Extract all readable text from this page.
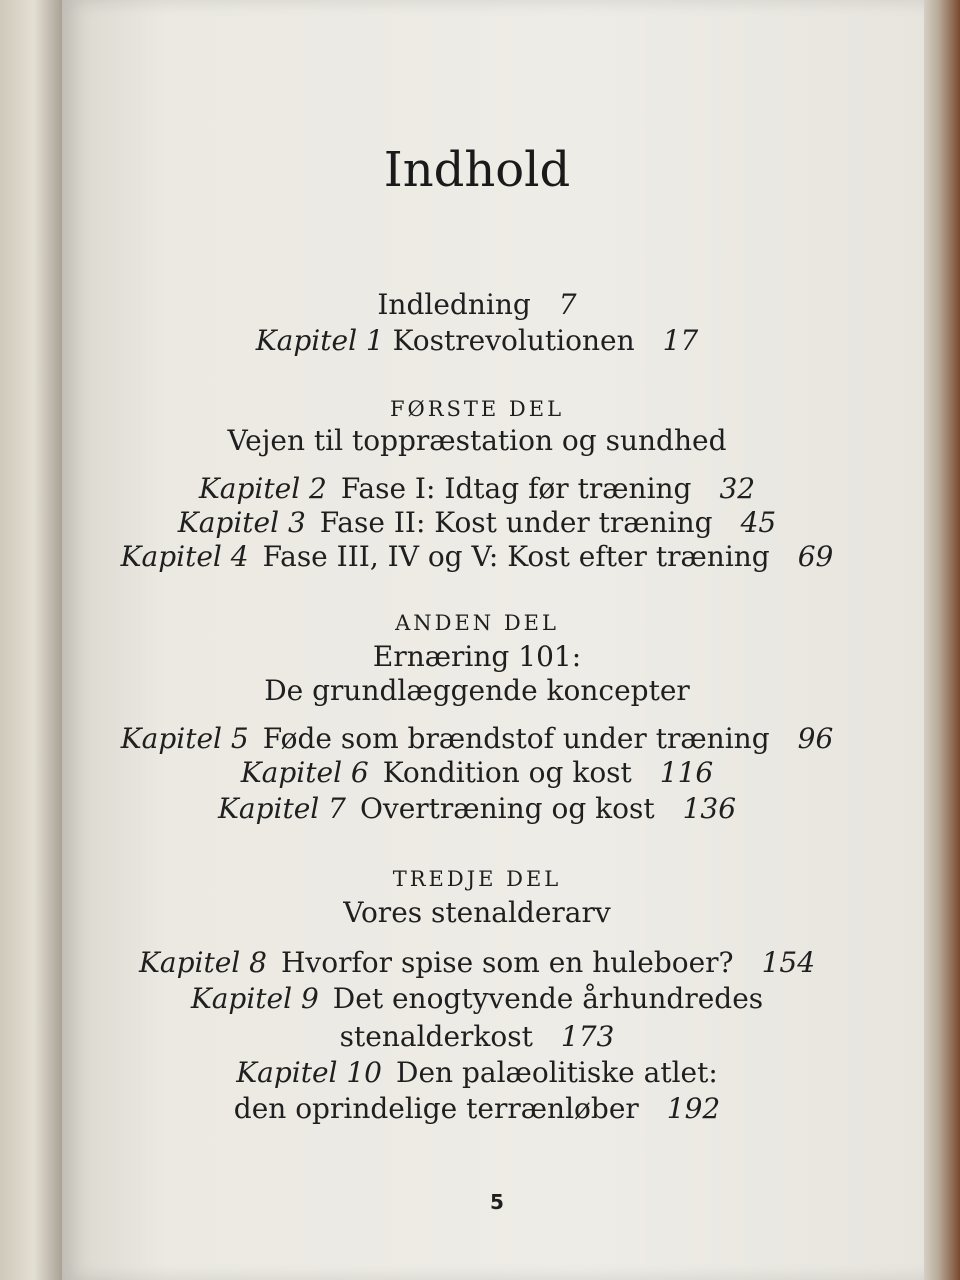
Indhold
Indledning 7
Kapitel 1 Kostrevolutionen 17
FØRSTE DEL
Vejen til toppræstation og sundhed
Kapitel 2 Fase I: Idtag før træning 32
Kapitel 3 Fase II: Kost under træning 45
Kapitel 4 Fase III, IV og V: Kost efter træning 69
ANDEN DEL
Ernæring 101:
De grundlæggende koncepter
Kapitel 5 Føde som brændstof under træning 96
Kapitel 6 Kondition og kost 116
Kapitel 7 Overtræning og kost 136
TREDJE DEL
Vores stenalderarv
Kapitel 8 Hvorfor spise som en huleboer? 154
Kapitel 9 Det enogtyvende århundredes
stenalderkost 173
Kapitel 10 Den palæolitiske atlet:
den oprindelige terrænløber 192
5
